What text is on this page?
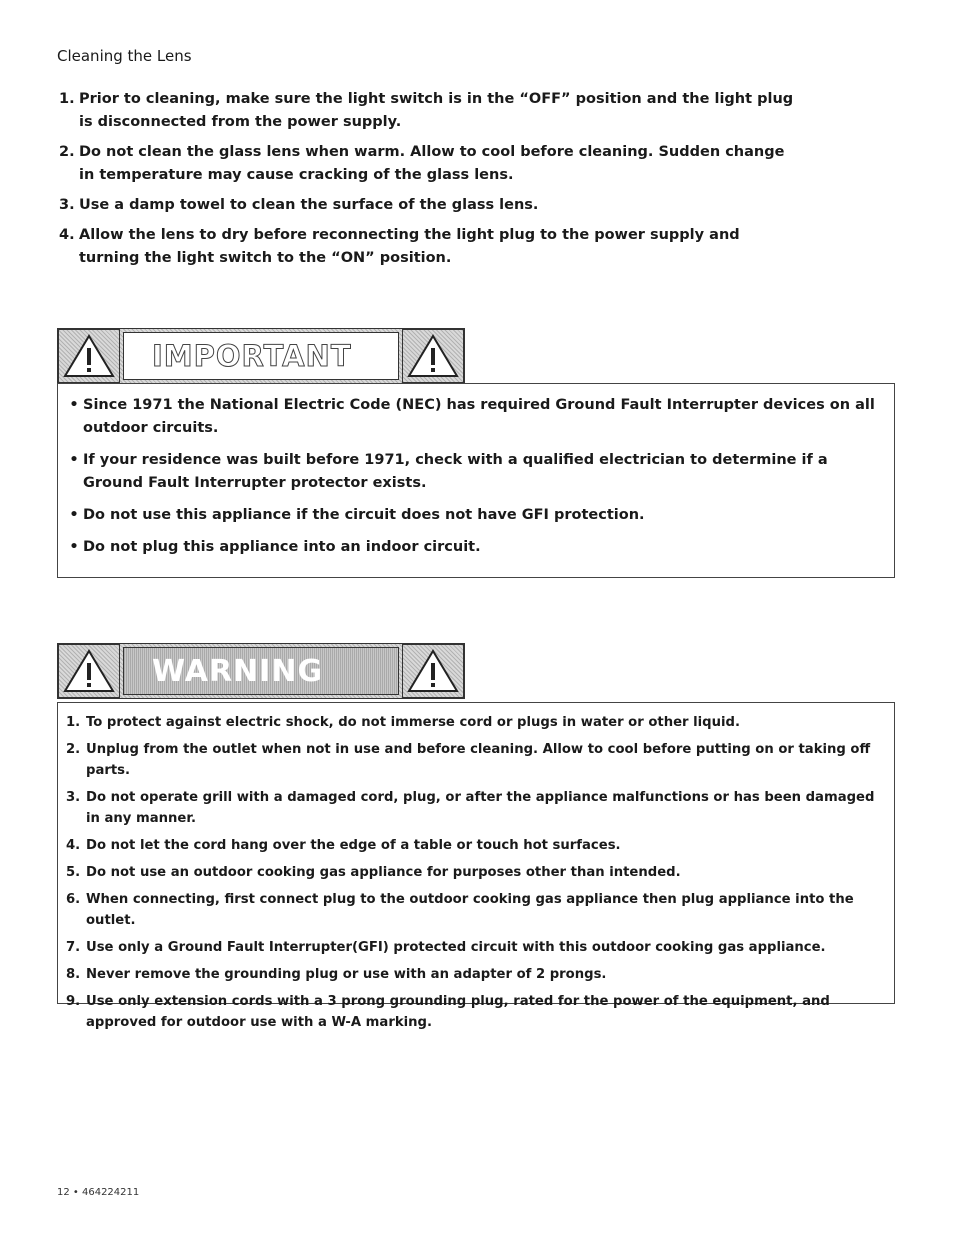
Cleaning the Lens
1. Prior to cleaning, make sure the light switch is in the “OFF” position and the light plug is disconnected from the power supply.
2. Do not clean the glass lens when warm. Allow to cool before cleaning. Sudden change in temperature may cause cracking of the glass lens.
3. Use a damp towel to clean the surface of the glass lens.
4. Allow the lens to dry before reconnecting the light plug to the power supply and turning the light switch to the “ON” position.
IMPORTANT
• Since 1971 the National Electric Code (NEC) has required Ground Fault Interrupter devices on all outdoor circuits.
• If your residence was built before 1971, check with a qualified electrician to determine if a Ground Fault Interrupter protector exists.
• Do not use this appliance if the circuit does not have GFI protection.
• Do not plug this appliance into an indoor circuit.
WARNING
1. To protect against electric shock, do not immerse cord or plugs in water or other liquid.
2. Unplug from the outlet when not in use and before cleaning. Allow to cool before putting on or taking off parts.
3. Do not operate grill with a damaged cord, plug, or after the appliance malfunctions or has been damaged in any manner.
4. Do not let the cord hang over the edge of a table or touch hot surfaces.
5. Do not use an outdoor cooking gas appliance for purposes other than intended.
6. When connecting, first connect plug to the outdoor cooking gas appliance then plug appliance into the outlet.
7. Use only a Ground Fault Interrupter(GFI) protected circuit with this outdoor cooking gas appliance.
8. Never remove the grounding plug or use with an adapter of 2 prongs.
9. Use only extension cords with a 3 prong grounding plug, rated for the power of the equipment, and approved for outdoor use with a W-A marking.
12 • 464224211
